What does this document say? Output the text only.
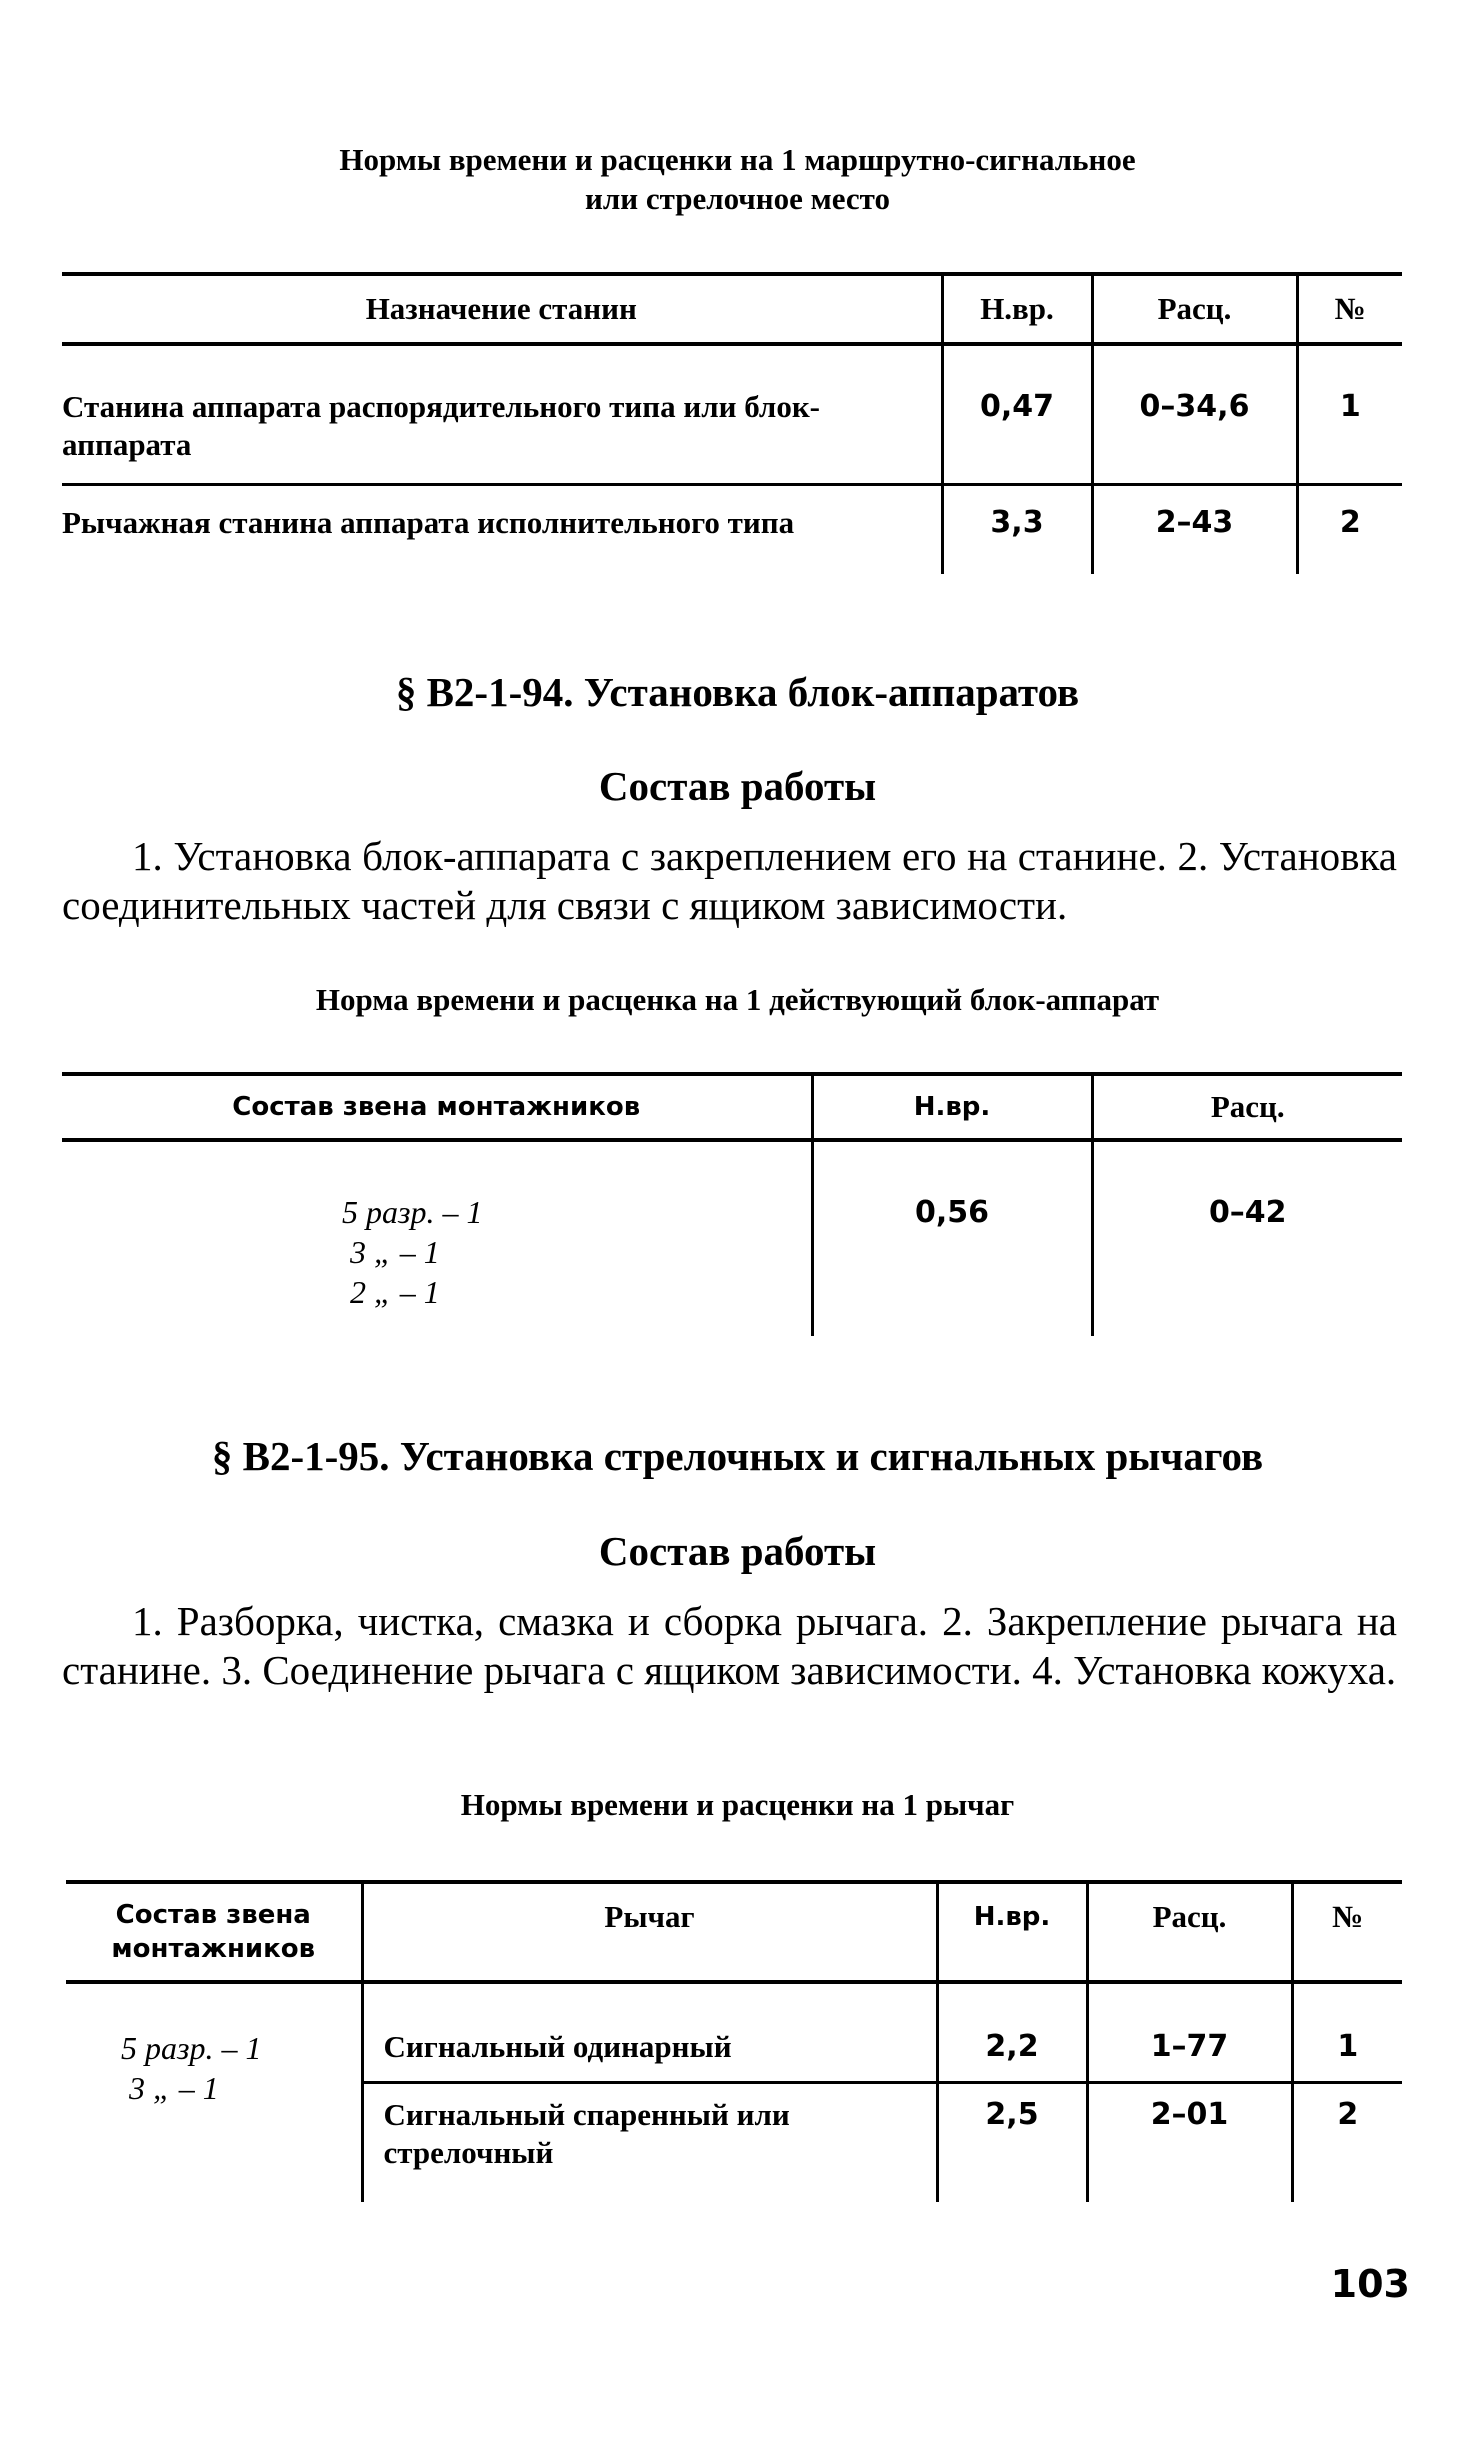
Нормы времени и расценки на 1 маршрутно-сигнальное
или стрелочное место
Назначение станин	Н.вр.	Расц.	№
Станина аппарата распорядительного типа или блок-аппарата	0,47	0–34,6	1
Рычажная станина аппарата исполнительного типа	3,3	2–43	2
§ В2-1-94. Установка блок-аппаратов
Состав работы

1. Установка блок-аппарата с закреплением его на станине. 2. Установка соединительных частей для связи с ящиком зависимости.

Норма времени и расценка на 1 действующий блок-аппарат
Состав звена монтажников	Н.вр.	Расц.

5 разр. – 1
3 „ – 1
2 „ – 1	0,56	0–42
§ В2-1-95. Установка стрелочных и сигнальных рычагов
Состав работы

1. Разборка, чистка, смазка и сборка рычага. 2. Закрепление рычага на станине. 3. Соединение рычага с ящиком зависимости. 4. Установка кожуха.

Нормы времени и расценки на 1 рычаг
Состав звена монтажников	Рычаг	Н.вр.	Расц.	№

5 разр. – 1
3 „ – 1	Сигнальный одинарный	2,2	1–77	1
	Сигнальный спаренный или стрелочный	2,5	2–01	2
103
